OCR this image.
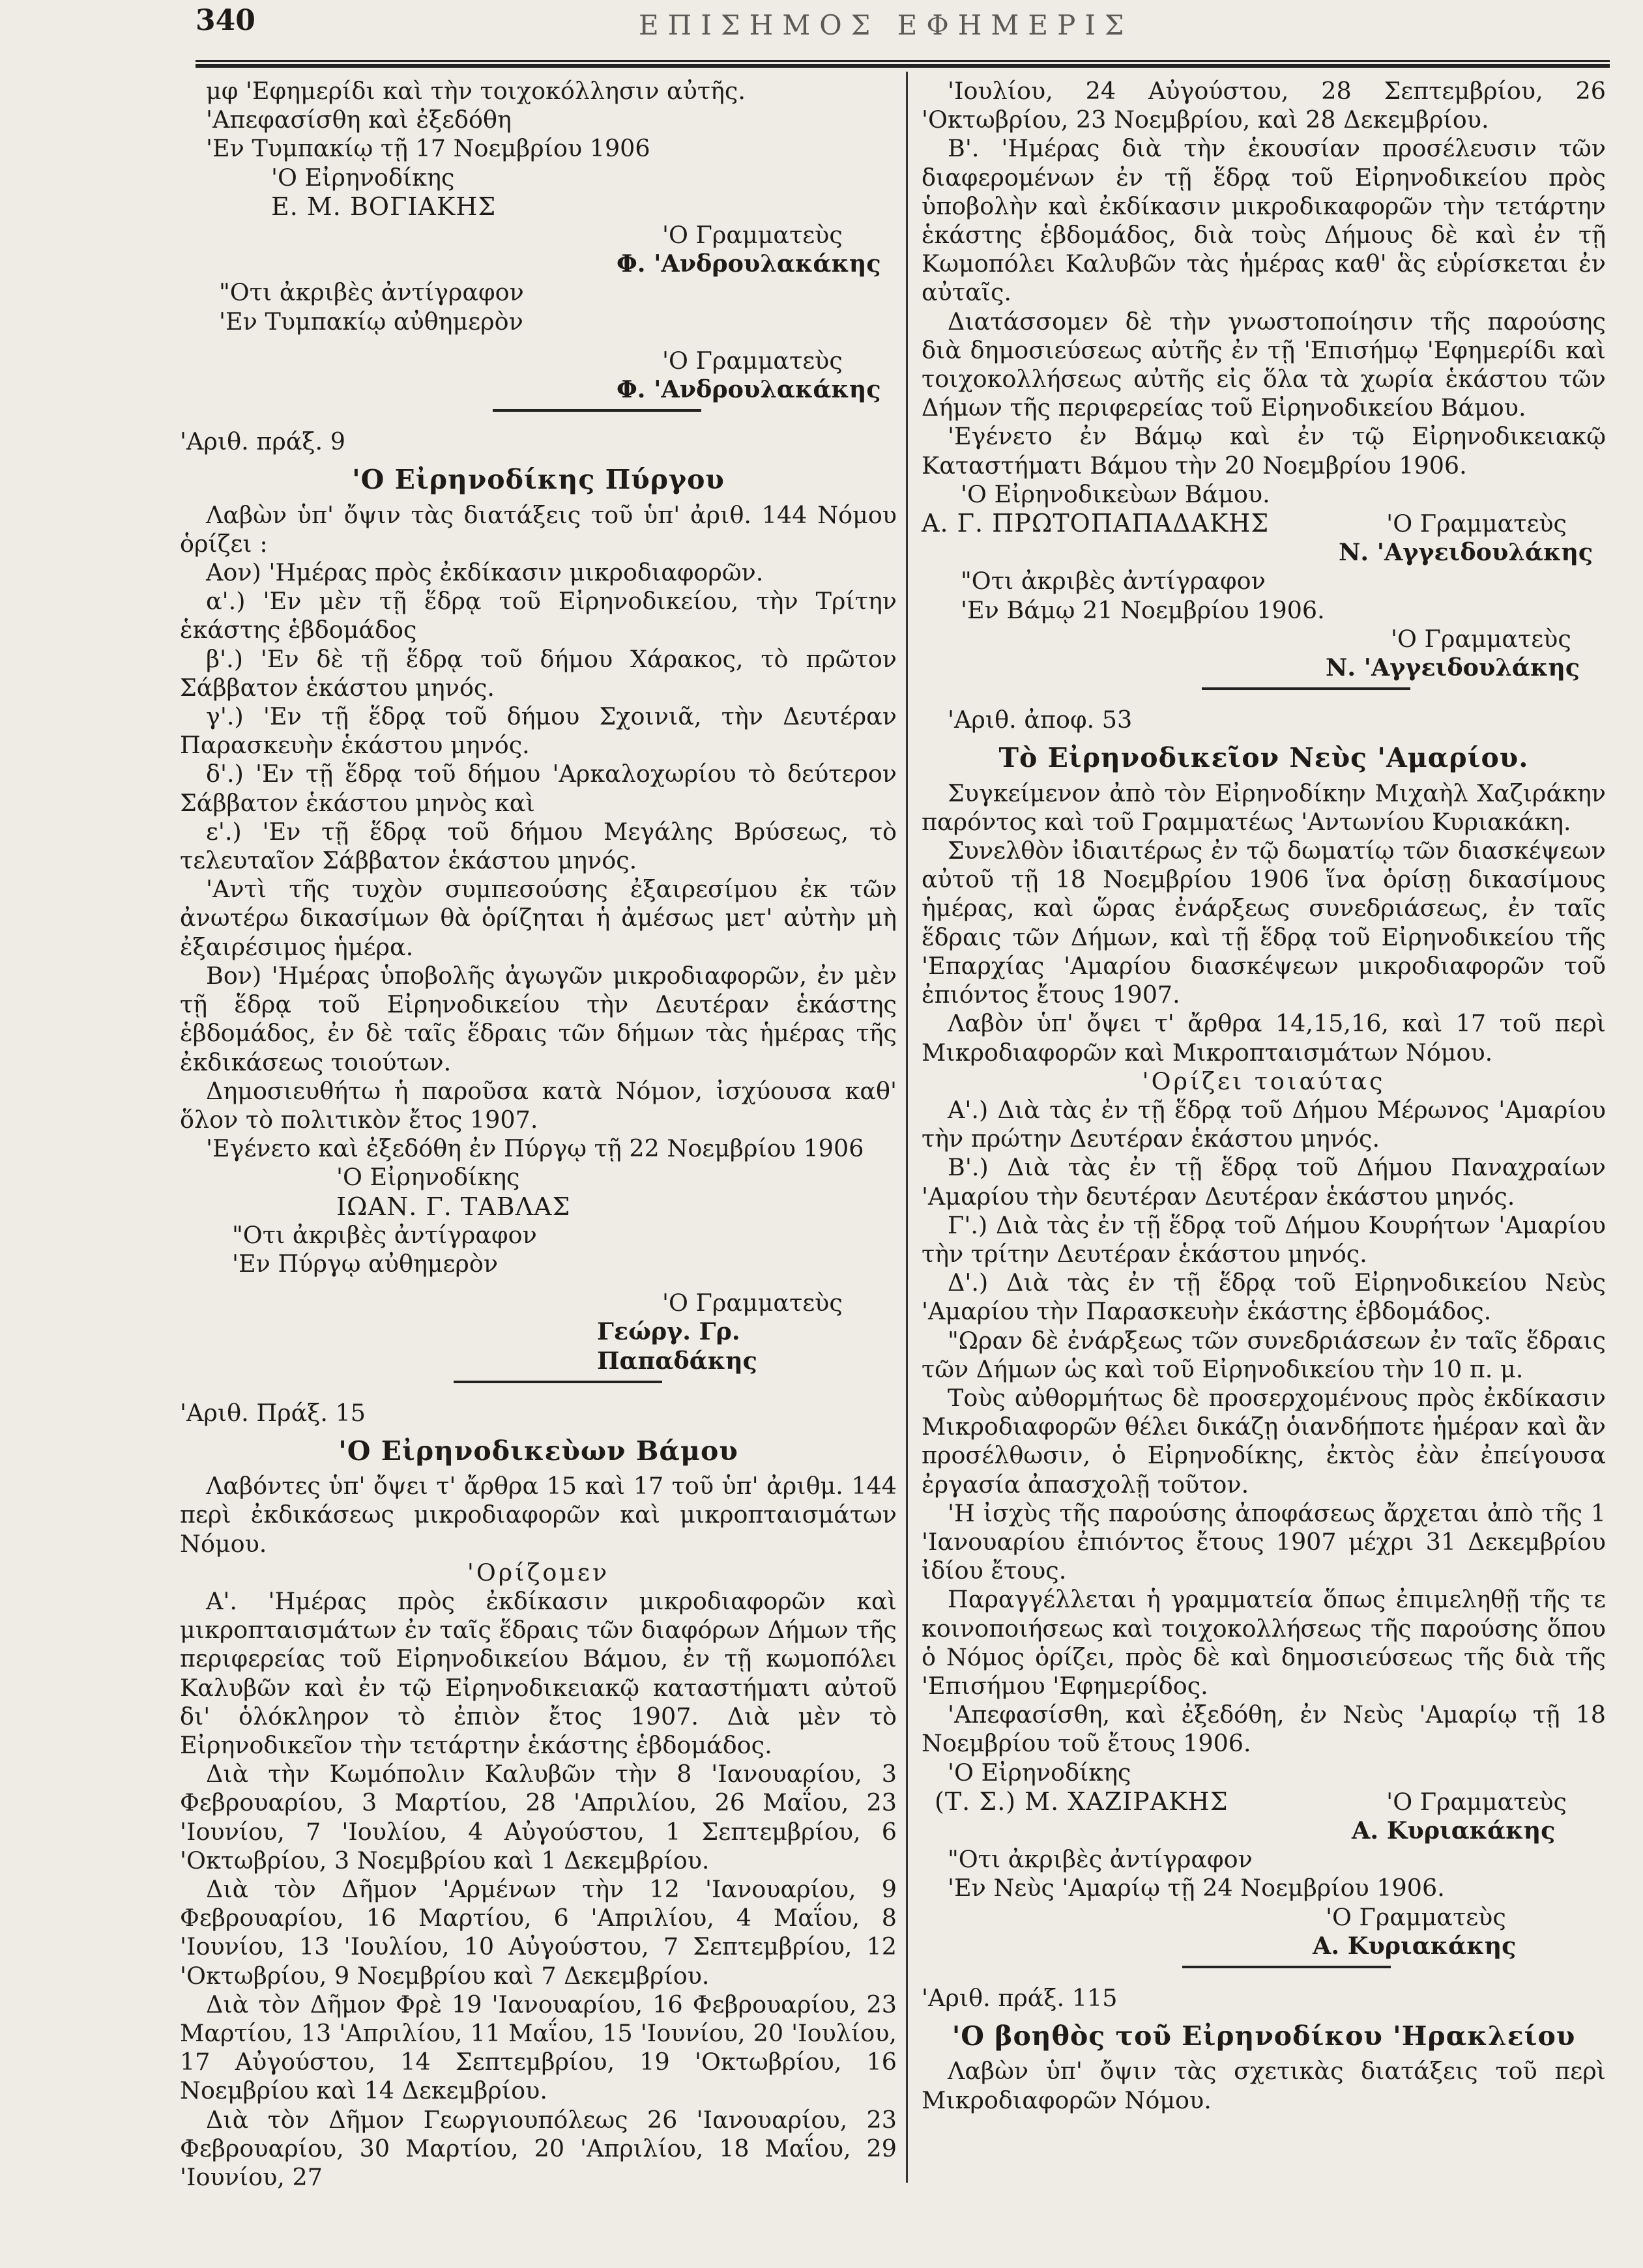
340	ΕΠΙΣΗΜΟΣ ΕΦΗΜΕΡΙΣ

μφ 'Εφημερίδι καὶ τὴν τοιχοκόλλησιν αὐτῆς.

'Απεφασίσθη καὶ ἐξεδόθη

'Εν Τυμπακίῳ τῇ 17 Νοεμβρίου 1906

'Ο Εἰρηνοδίκης

Ε. Μ. ΒΟΓΙΑΚΗΣ

'Ο Γραμματεὺς

Φ. 'Ανδρουλακάκης

"Οτι ἀκριβὲς ἀντίγραφον

'Εν Τυμπακίῳ αὐθημερὸν

'Ο Γραμματεὺς

Φ. 'Ανδρουλακάκης

'Αριθ. πράξ. 9

'Ο Εἰρηνοδίκης Πύργου

Λαβὼν ὑπ' ὄψιν τὰς διατάξεις τοῦ ὑπ' ἀριθ. 144 Νόμου ὁρίζει :

Αον) 'Ημέρας πρὸς ἐκδίκασιν μικροδιαφορῶν.

α'.) 'Εν μὲν τῇ ἕδρᾳ τοῦ Εἰρηνοδικείου, τὴν Τρίτην ἑκάστης ἑβδομάδος

β'.) 'Εν δὲ τῇ ἕδρᾳ τοῦ δήμου Χάρακος, τὸ πρῶτον Σάββατον ἑκάστου μηνός.

γ'.) 'Εν τῇ ἕδρᾳ τοῦ δήμου Σχοινιᾶ, τὴν Δευτέραν Παρασκευὴν ἑκάστου μηνός.

δ'.) 'Εν τῇ ἕδρᾳ τοῦ δήμου 'Αρκαλοχωρίου τὸ δεύτερον Σάββατον ἑκάστου μηνὸς καὶ

ε'.) 'Εν τῇ ἕδρᾳ τοῦ δήμου Μεγάλης Βρύσεως, τὸ τελευταῖον Σάββατον ἑκάστου μηνός.

'Αντὶ τῆς τυχὸν συμπεσούσης ἐξαιρεσίμου ἐκ τῶν ἀνωτέρω δικασίμων θὰ ὁρίζηται ἡ ἀμέσως μετ' αὐτὴν μὴ ἐξαιρέσιμος ἡμέρα.

Βον) 'Ημέρας ὑποβολῆς ἀγωγῶν μικροδιαφορῶν, ἐν μὲν τῇ ἕδρᾳ τοῦ Εἰρηνοδικείου τὴν Δευτέραν ἑκάστης ἑβδομάδος, ἐν δὲ ταῖς ἕδραις τῶν δήμων τὰς ἡμέρας τῆς ἐκδικάσεως τοιούτων.

Δημοσιευθήτω ἡ παροῦσα κατὰ Νόμον, ἰσχύουσα καθ' ὅλον τὸ πολιτικὸν ἔτος 1907.

'Εγένετο καὶ ἐξεδόθη ἐν Πύργῳ τῇ 22 Νοεμβρίου 1906

'Ο Εἰρηνοδίκης

ΙΩΑΝ. Γ. ΤΑΒΛΑΣ

"Οτι ἀκριβὲς ἀντίγραφον

'Εν Πύργῳ αὐθημερὸν

'Ο Γραμματεὺς

Γεώργ. Γρ. Παπαδάκης

'Αριθ. Πράξ. 15

'Ο Εἰρηνοδικεὺων Βάμου

Λαβόντες ὑπ' ὄψει τ' ἄρθρα 15 καὶ 17 τοῦ ὑπ' ἀριθμ. 144 περὶ ἐκδικάσεως μικροδιαφορῶν καὶ μικροπταισμάτων Νόμου.

'Ορίζομεν

Α'. 'Ημέρας πρὸς ἐκδίκασιν μικροδιαφορῶν καὶ μικροπταισμάτων ἐν ταῖς ἕδραις τῶν διαφόρων Δήμων τῆς περιφερείας τοῦ Εἰρηνοδικείου Βάμου, ἐν τῇ κωμοπόλει Καλυβῶν καὶ ἐν τῷ Εἰρηνοδικειακῷ καταστήματι αὐτοῦ δι' ὁλόκληρον τὸ ἐπιὸν ἔτος 1907. Διὰ μὲν τὸ Εἰρηνοδικεῖον τὴν τετάρτην ἑκάστης ἑβδομάδος.

Διὰ τὴν Κωμόπολιν Καλυβῶν τὴν 8 'Ιανουαρίου, 3 Φεβρουαρίου, 3 Μαρτίου, 28 'Απριλίου, 26 Μαΐου, 23 'Ιουνίου, 7 'Ιουλίου, 4 Αὐγούστου, 1 Σεπτεμβρίου, 6 'Οκτωβρίου, 3 Νοεμβρίου καὶ 1 Δεκεμβρίου.

Διὰ τὸν Δῆμον 'Αρμένων τὴν 12 'Ιανουαρίου, 9 Φεβρουαρίου, 16 Μαρτίου, 6 'Απριλίου, 4 Μαΐου, 8 'Ιουνίου, 13 'Ιουλίου, 10 Αὐγούστου, 7 Σεπτεμβρίου, 12 'Οκτωβρίου, 9 Νοεμβρίου καὶ 7 Δεκεμβρίου.

Διὰ τὸν Δῆμον Φρὲ 19 'Ιανουαρίου, 16 Φεβρουαρίου, 23 Μαρτίου, 13 'Απριλίου, 11 Μαΐου, 15 'Ιουνίου, 20 'Ιουλίου, 17 Αὐγούστου, 14 Σεπτεμβρίου, 19 'Οκτωβρίου, 16 Νοεμβρίου καὶ 14 Δεκεμβρίου.

Διὰ τὸν Δῆμον Γεωργιουπόλεως 26 'Ιανουαρίου, 23 Φεβρουαρίου, 30 Μαρτίου, 20 'Απριλίου, 18 Μαΐου, 29 'Ιουνίου, 27

'Ιουλίου, 24 Αὐγούστου, 28 Σεπτεμβρίου, 26 'Οκτωβρίου, 23 Νοεμβρίου, καὶ 28 Δεκεμβρίου.

Β'. 'Ημέρας διὰ τὴν ἑκουσίαν προσέλευσιν τῶν διαφερομένων ἐν τῇ ἕδρᾳ τοῦ Εἰρηνοδικείου πρὸς ὑποβολὴν καὶ ἐκδίκασιν μικροδικαφορῶν τὴν τετάρτην ἑκάστης ἑβδομάδος, διὰ τοὺς Δήμους δὲ καὶ ἐν τῇ Κωμοπόλει Καλυβῶν τὰς ἡμέρας καθ' ἃς εὑρίσκεται ἐν αὐταῖς.

Διατάσσομεν δὲ τὴν γνωστοποίησιν τῆς παρούσης διὰ δημοσιεύσεως αὐτῆς ἐν τῇ 'Επισήμῳ 'Εφημερίδι καὶ τοιχοκολλήσεως αὐτῆς εἰς ὅλα τὰ χωρία ἑκάστου τῶν Δήμων τῆς περιφερείας τοῦ Εἰρηνοδικείου Βάμου.

'Εγένετο ἐν Βάμῳ καὶ ἐν τῷ Εἰρηνοδικειακῷ Καταστήματι Βάμου τὴν 20 Νοεμβρίου 1906.

'Ο Εἰρηνοδικεὺων Βάμου.

Α. Γ. ΠΡΩΤΟΠΑΠΑΔΑΚΗΣ	'Ο Γραμματεὺς

Ν. 'Αγγειδουλάκης

"Οτι ἀκριβὲς ἀντίγραφον

'Εν Βάμῳ 21 Νοεμβρίου 1906.

'Ο Γραμματεὺς

Ν. 'Αγγειδουλάκης

'Αριθ. ἀποφ. 53

Τὸ Εἰρηνοδικεῖον Νεὺς 'Αμαρίου.

Συγκείμενον ἀπὸ τὸν Εἰρηνοδίκην Μιχαὴλ Χαζιράκην παρόντος καὶ τοῦ Γραμματέως 'Αντωνίου Κυριακάκη.

Συνελθὸν ἰδιαιτέρως ἐν τῷ δωματίῳ τῶν διασκέψεων αὐτοῦ τῇ 18 Νοεμβρίου 1906 ἵνα ὁρίσῃ δικασίμους ἡμέρας, καὶ ὥρας ἐνάρξεως συνεδριάσεως, ἐν ταῖς ἕδραις τῶν Δήμων, καὶ τῇ ἕδρᾳ τοῦ Εἰρηνοδικείου τῆς 'Επαρχίας 'Αμαρίου διασκέψεων μικροδιαφορῶν τοῦ ἐπιόντος ἔτους 1907.

Λαβὸν ὑπ' ὄψει τ' ἄρθρα 14,15,16, καὶ 17 τοῦ περὶ Μικροδιαφορῶν καὶ Μικροπταισμάτων Νόμου.

'Ορίζει τοιαύτας

Α'.) Διὰ τὰς ἐν τῇ ἕδρᾳ τοῦ Δήμου Μέρωνος 'Αμαρίου τὴν πρώτην Δευτέραν ἑκάστου μηνός.

Β'.) Διὰ τὰς ἐν τῇ ἕδρᾳ τοῦ Δήμου Παναχραίων 'Αμαρίου τὴν δευτέραν Δευτέραν ἑκάστου μηνός.

Γ'.) Διὰ τὰς ἐν τῇ ἕδρᾳ τοῦ Δήμου Κουρήτων 'Αμαρίου τὴν τρίτην Δευτέραν ἑκάστου μηνός.

Δ'.) Διὰ τὰς ἐν τῇ ἕδρᾳ τοῦ Εἰρηνοδικείου Νεὺς 'Αμαρίου τὴν Παρασκευὴν ἑκάστης ἑβδομάδος.

"Ωραν δὲ ἐνάρξεως τῶν συνεδριάσεων ἐν ταῖς ἕδραις τῶν Δήμων ὡς καὶ τοῦ Εἰρηνοδικείου τὴν 10 π. μ.

Τοὺς αὐθορμήτως δὲ προσερχομένους πρὸς ἐκδίκασιν Μικροδιαφορῶν θέλει δικάζῃ ὁιανδήποτε ἡμέραν καὶ ἂν προσέλθωσιν, ὁ Εἰρηνοδίκης, ἐκτὸς ἐὰν ἐπείγουσα ἐργασία ἀπασχολῇ τοῦτον.

'Η ἰσχὺς τῆς παρούσης ἀποφάσεως ἄρχεται ἀπὸ τῆς 1 'Ιανουαρίου ἐπιόντος ἔτους 1907 μέχρι 31 Δεκεμβρίου ἰδίου ἔτους.

Παραγγέλλεται ἡ γραμματεία ὅπως ἐπιμεληθῇ τῆς τε κοινοποιήσεως καὶ τοιχοκολλήσεως τῆς παρούσης ὅπου ὁ Νόμος ὁρίζει, πρὸς δὲ καὶ δημοσιεύσεως τῆς διὰ τῆς 'Επισήμου 'Εφημερίδος.

'Απεφασίσθη, καὶ ἐξεδόθη, ἐν Νεὺς 'Αμαρίῳ τῇ 18 Νοεμβρίου τοῦ ἔτους 1906.

'Ο Εἰρηνοδίκης

(Τ. Σ.) Μ. ΧΑΖΙΡΑΚΗΣ	'Ο Γραμματεὺς

Α. Κυριακάκης

"Οτι ἀκριβὲς ἀντίγραφον

'Εν Νεὺς 'Αμαρίῳ τῇ 24 Νοεμβρίου 1906.

'Ο Γραμματεὺς

Α. Κυριακάκης

'Αριθ. πράξ. 115

'Ο βοηθὸς τοῦ Εἰρηνοδίκου 'Ηρακλείου

Λαβὼν ὑπ' ὄψιν τὰς σχετικὰς διατάξεις τοῦ περὶ Μικροδιαφορῶν Νόμου.
